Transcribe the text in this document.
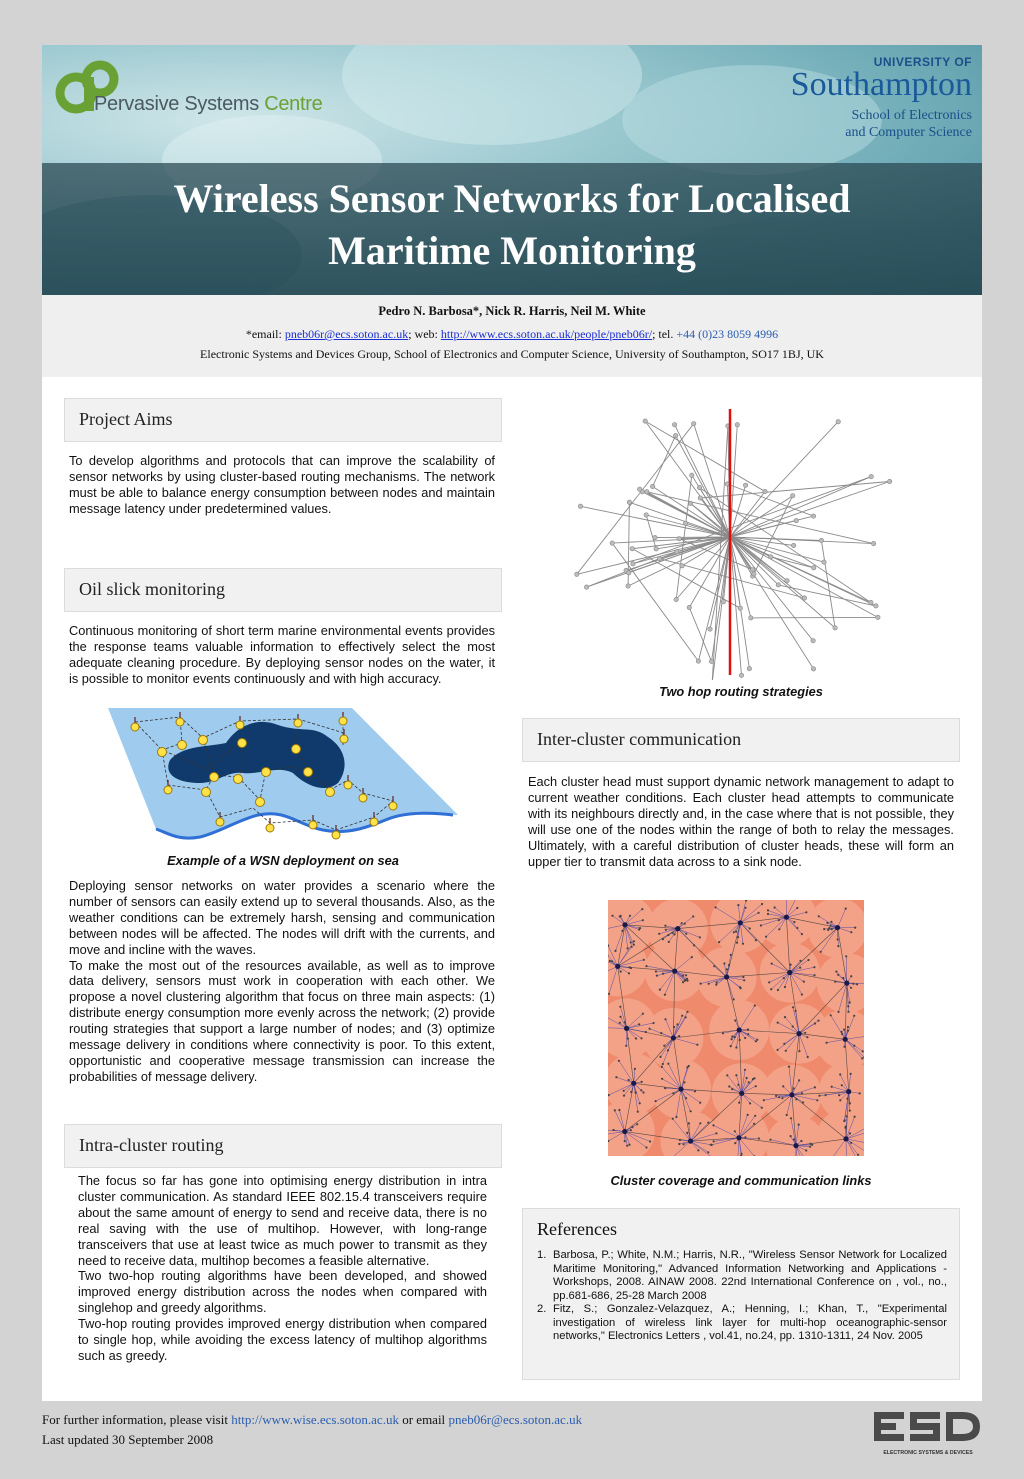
Pervasive Systems Centre
UNIVERSITY OF
Southampton
School of Electronics
and Computer Science
Wireless Sensor Networks for Localised
Maritime Monitoring
Pedro N. Barbosa*, Nick R. Harris, Neil M. White
*email: pneb06r@ecs.soton.ac.uk; web: http://www.ecs.soton.ac.uk/people/pneb06r/; tel. +44 (0)23 8059 4996
Electronic Systems and Devices Group, School of Electronics and Computer Science, University of Southampton, SO17 1BJ, UK
Project Aims
To develop algorithms and protocols that can improve the scalability of sensor networks by using cluster-based routing mechanisms. The network must be able to balance energy consumption between nodes and maintain message latency under predetermined values.
Oil slick monitoring
Continuous monitoring of short term marine environmental events provides the response teams valuable information to effectively select the most adequate cleaning procedure. By deploying sensor nodes on the water, it is possible to monitor events continuously and with high accuracy.
Example of a WSN deployment on sea

Deploying sensor networks on water provides a scenario where the number of sensors can easily extend up to several thousands. Also, as the weather conditions can be extremely harsh, sensing and communication between nodes will be affected. The nodes will drift with the currents, and move and incline with the waves.

To make the most out of the resources available, as well as to improve data delivery, sensors must work in cooperation with each other. We propose a novel clustering algorithm that focus on three main aspects: (1) distribute energy consumption more evenly across the network; (2) provide routing strategies that support a large number of nodes; and (3) optimize message delivery in conditions where connectivity is poor. To this extent, opportunistic and cooperative message transmission can increase the probabilities of message delivery.

Intra-cluster routing

The focus so far has gone into optimising energy distribution in intra cluster communication. As standard IEEE 802.15.4 transceivers require about the same amount of energy to send and receive data, there is no real saving with the use of multihop. However, with long-range transceivers that use at least twice as much power to transmit as they need to receive data, multihop becomes a feasible alternative.

Two two-hop routing algorithms have been developed, and showed improved energy distribution across the nodes when compared with singlehop and greedy algorithms.

Two-hop routing provides improved energy distribution when compared to single hop, while avoiding the excess latency of multihop algorithms such as greedy.

Two hop routing strategies
Inter-cluster communication
Each cluster head must support dynamic network management to adapt to current weather conditions. Each cluster head attempts to communicate with its neighbours directly and, in the case where that is not possible, they will use one of the nodes within the range of both to relay the messages. Ultimately, with a careful distribution of cluster heads, these will form an upper tier to transmit data across to a sink node.
Cluster coverage and communication links
References
1. Barbosa, P.; White, N.M.; Harris, N.R., "Wireless Sensor Network for Localized Maritime Monitoring," Advanced Information Networking and Applications - Workshops, 2008. AINAW 2008. 22nd International Conference on , vol., no., pp.681-686, 25-28 March 2008
2. Fitz, S.; Gonzalez-Velazquez, A.; Henning, I.; Khan, T., "Experimental investigation of wireless link layer for multi-hop oceanographic-sensor networks," Electronics Letters , vol.41, no.24, pp. 1310-1311, 24 Nov. 2005
For further information, please visit http://www.wise.ecs.soton.ac.uk or email pneb06r@ecs.soton.ac.uk
Last updated 30 September 2008
ELECTRONIC SYSTEMS & DEVICES
